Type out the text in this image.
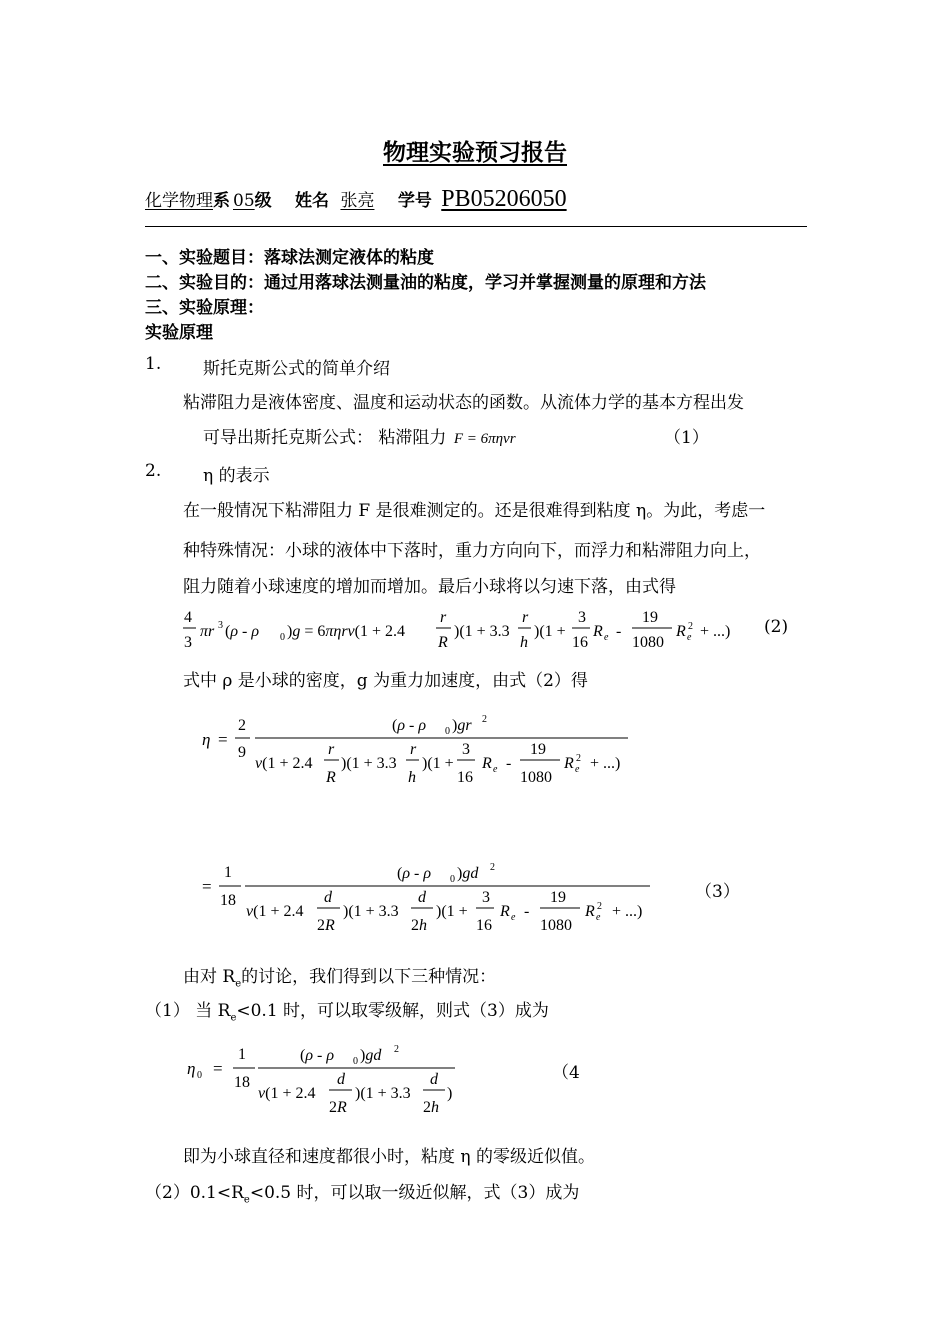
物理实验预习报告
化学物理系 05级 姓名 张亮 学号 PB05206050
一、实验题目：落球法测定液体的粘度
二、实验目的：通过用落球法测量油的粘度，学习并掌握测量的原理和方法
三、实验原理：
实验原理
1. 斯托克斯公式的简单介绍
粘滞阻力是液体密度、温度和运动状态的函数。从流体力学的基本方程出发
可导出斯托克斯公式： 粘滞阻力 F = 6πηvr	（1）
2. η 的表示
在一般情况下粘滞阻力 F 是很难测定的。还是很难得到粘度 η。为此，考虑一
种特殊情况：小球的液体中下落时，重力方向向下，而浮力和粘滞阻力向上，
阻力随着小球速度的增加而增加。最后小球将以匀速下落，由式得
4
3
πr 3 (ρ - ρ 0 )g = 6πηrv(1 + 2.4
r
R
)(1 + 3.3
r
h
)(1 +
3
16
R e -
19
1080
R e
2 + ...) (2)
式中 ρ 是小球的密度，g 为重力加速度，由式（2）得
η =
2
9
(ρ - ρ 0 )gr 2
v(1 + 2.4
r
R
)(1 + 3.3
r
h
)(1 +
3
16
R e -
19
1080
R e
2 + ...)
=
1
18
(ρ - ρ 0 )gd 2
v(1 + 2.4
d
2R
)(1 + 3.3
d
2h
)(1 +
3
16
R e -
19
1080
R e
2 + ...)
（3）
由对 $R_e$的讨论，我们得到以下三种情况：
（1） 当 $R_e<0.1$ 时，可以取零级解，则式（3）成为
η 0 =
1
18
(ρ - ρ 0 )gd 2
v(1 + 2.4
d
2R
)(1 + 3.3
d
2h
)
（4
即为小球直径和速度都很小时，粘度 η 的零级近似值。
$(2)0.1<R_e<0.5$ 时，可以取一级近似解，式（3）成为
